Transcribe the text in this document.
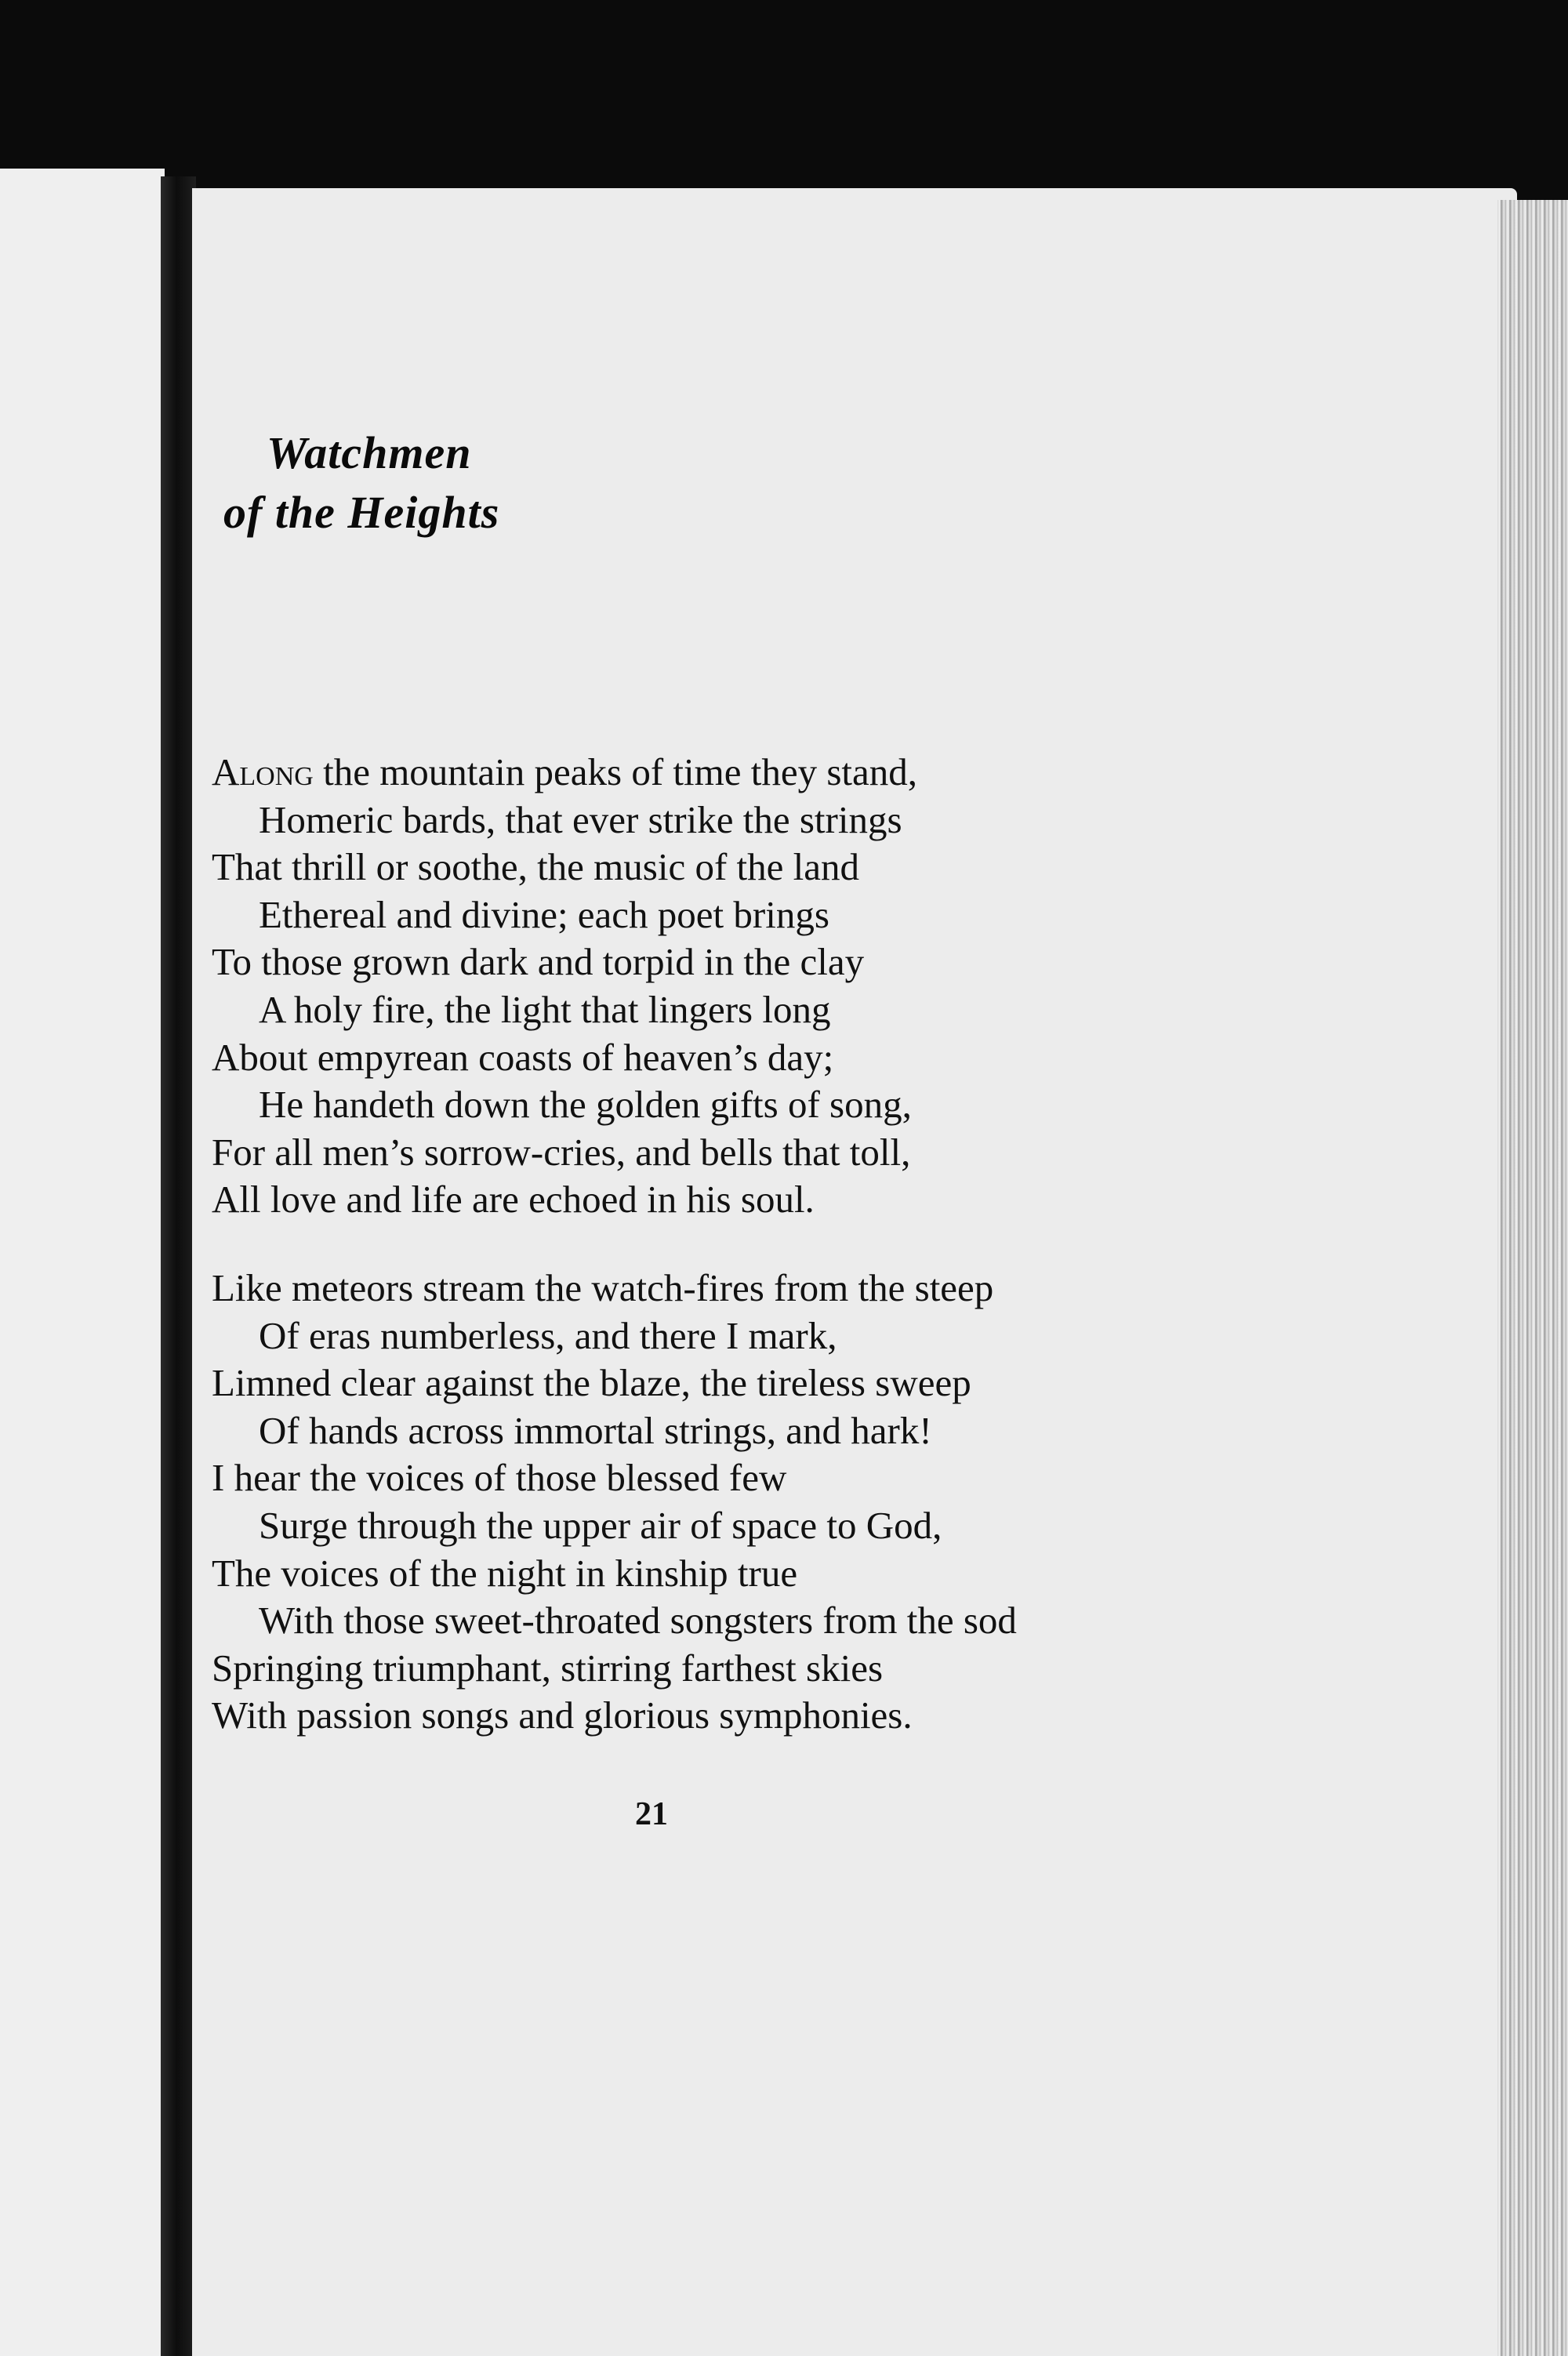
Watchmen
of the Heights
Along the mountain peaks of time they stand,
Homeric bards, that ever strike the strings
That thrill or soothe, the music of the land
Ethereal and divine; each poet brings
To those grown dark and torpid in the clay
A holy fire, the light that lingers long
About empyrean coasts of heaven’s day;
He handeth down the golden gifts of song,
For all men’s sorrow-cries, and bells that toll,
All love and life are echoed in his soul.
Like meteors stream the watch-fires from the steep
Of eras numberless, and there I mark,
Limned clear against the blaze, the tireless sweep
Of hands across immortal strings, and hark!
I hear the voices of those blessed few
Surge through the upper air of space to God,
The voices of the night in kinship true
With those sweet-throated songsters from the sod
Springing triumphant, stirring farthest skies
With passion songs and glorious symphonies.
21
